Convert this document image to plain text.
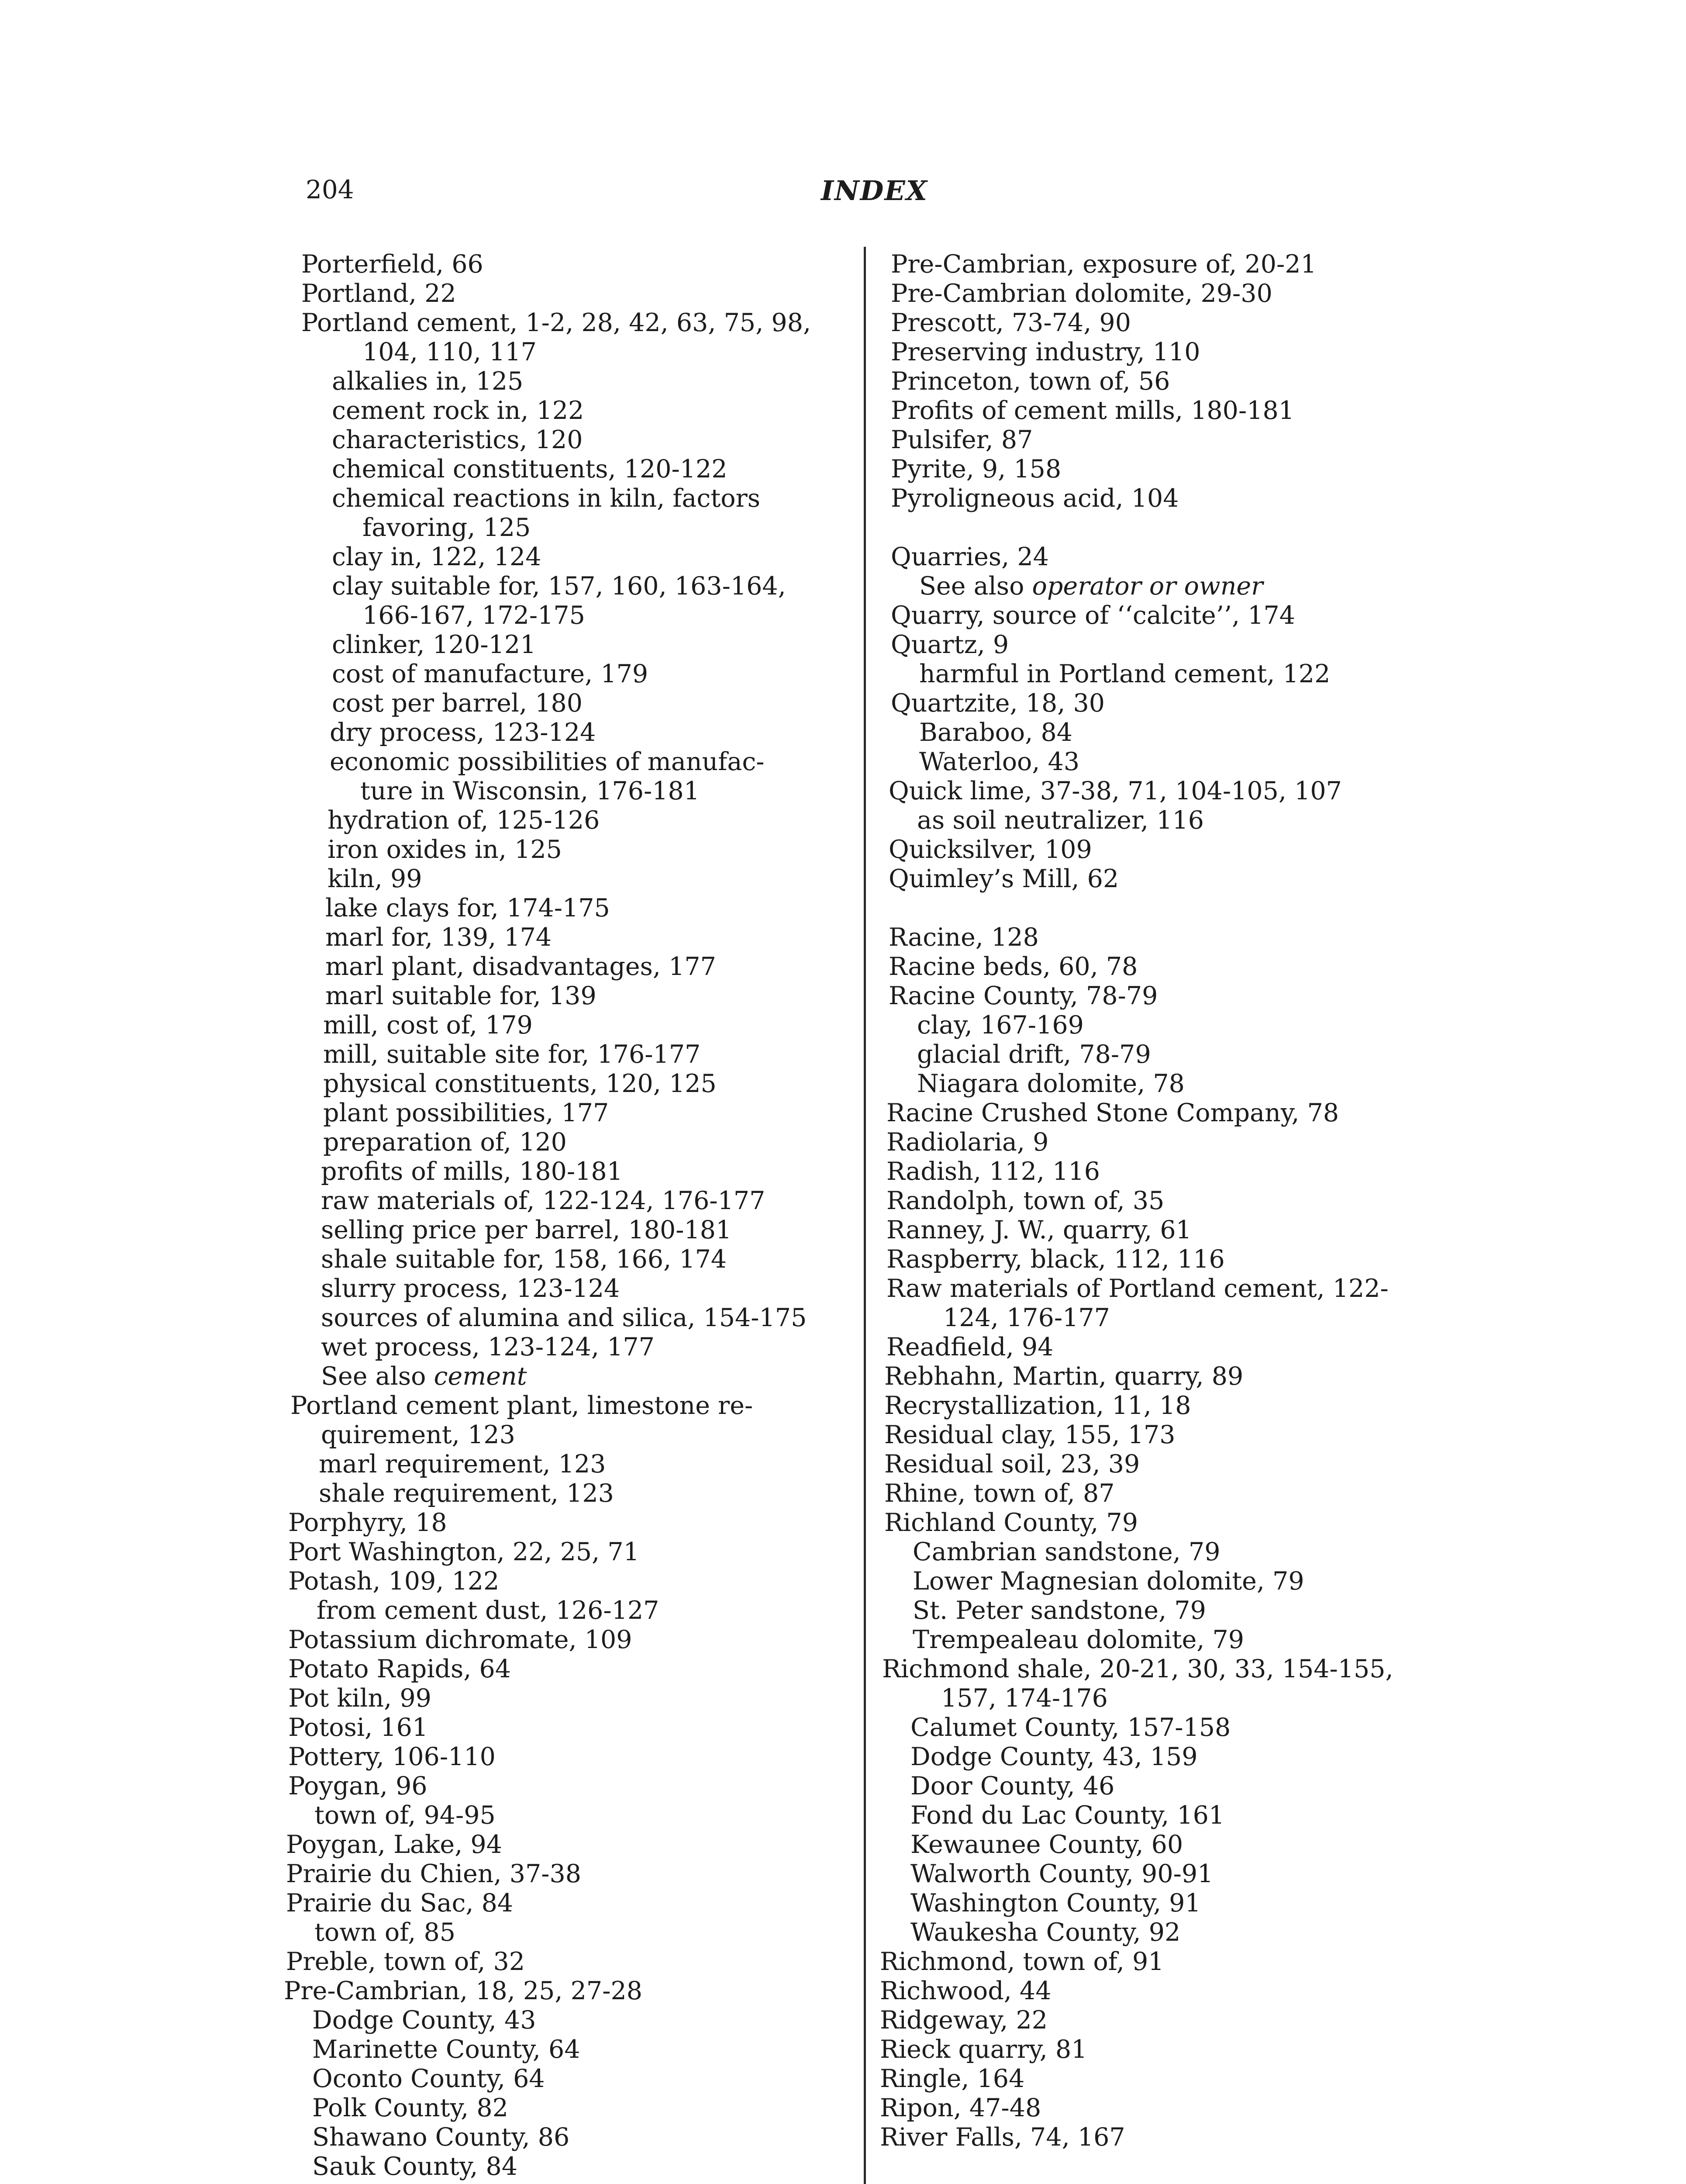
204	INDEX
Porterfield, 66
Portland, 22
Portland cement, 1-2, 28, 42, 63, 75, 98,
104, 110, 117
alkalies in, 125
cement rock in, 122
characteristics, 120
chemical constituents, 120-122
chemical reactions in kiln, factors
favoring, 125
clay in, 122, 124
clay suitable for, 157, 160, 163-164,
166-167, 172-175
clinker, 120-121
cost of manufacture, 179
cost per barrel, 180
dry process, 123-124
economic possibilities of manufac-
ture in Wisconsin, 176-181
hydration of, 125-126
iron oxides in, 125
kiln, 99
lake clays for, 174-175
marl for, 139, 174
marl plant, disadvantages, 177
marl suitable for, 139
mill, cost of, 179
mill, suitable site for, 176-177
physical constituents, 120, 125
plant possibilities, 177
preparation of, 120
profits of mills, 180-181
raw materials of, 122-124, 176-177
selling price per barrel, 180-181
shale suitable for, 158, 166, 174
slurry process, 123-124
sources of alumina and silica, 154-175
wet process, 123-124, 177
See also cement
Portland cement plant, limestone re-
quirement, 123
marl requirement, 123
shale requirement, 123
Porphyry, 18
Port Washington, 22, 25, 71
Potash, 109, 122
from cement dust, 126-127
Potassium dichromate, 109
Potato Rapids, 64
Pot kiln, 99
Potosi, 161
Pottery, 106-110
Poygan, 96
town of, 94-95
Poygan, Lake, 94
Prairie du Chien, 37-38
Prairie du Sac, 84
town of, 85
Preble, town of, 32
Pre-Cambrian, 18, 25, 27-28
Dodge County, 43
Marinette County, 64
Oconto County, 64
Polk County, 82
Shawano County, 86
Sauk County, 84
Pre-Cambrian, exposure of, 20-21
Pre-Cambrian dolomite, 29-30
Prescott, 73-74, 90
Preserving industry, 110
Princeton, town of, 56
Profits of cement mills, 180-181
Pulsifer, 87
Pyrite, 9, 158
Pyroligneous acid, 104
Quarries, 24
See also operator or owner
Quarry, source of ‘‘calcite’’, 174
Quartz, 9
harmful in Portland cement, 122
Quartzite, 18, 30
Baraboo, 84
Waterloo, 43
Quick lime, 37-38, 71, 104-105, 107
as soil neutralizer, 116
Quicksilver, 109
Quimley’s Mill, 62
Racine, 128
Racine beds, 60, 78
Racine County, 78-79
clay, 167-169
glacial drift, 78-79
Niagara dolomite, 78
Racine Crushed Stone Company, 78
Radiolaria, 9
Radish, 112, 116
Randolph, town of, 35
Ranney, J. W., quarry, 61
Raspberry, black, 112, 116
Raw materials of Portland cement, 122-
124, 176-177
Readfield, 94
Rebhahn, Martin, quarry, 89
Recrystallization, 11, 18
Residual clay, 155, 173
Residual soil, 23, 39
Rhine, town of, 87
Richland County, 79
Cambrian sandstone, 79
Lower Magnesian dolomite, 79
St. Peter sandstone, 79
Trempealeau dolomite, 79
Richmond shale, 20-21, 30, 33, 154-155,
157, 174-176
Calumet County, 157-158
Dodge County, 43, 159
Door County, 46
Fond du Lac County, 161
Kewaunee County, 60
Walworth County, 90-91
Washington County, 91
Waukesha County, 92
Richmond, town of, 91
Richwood, 44
Ridgeway, 22
Rieck quarry, 81
Ringle, 164
Ripon, 47-48
River Falls, 74, 167
